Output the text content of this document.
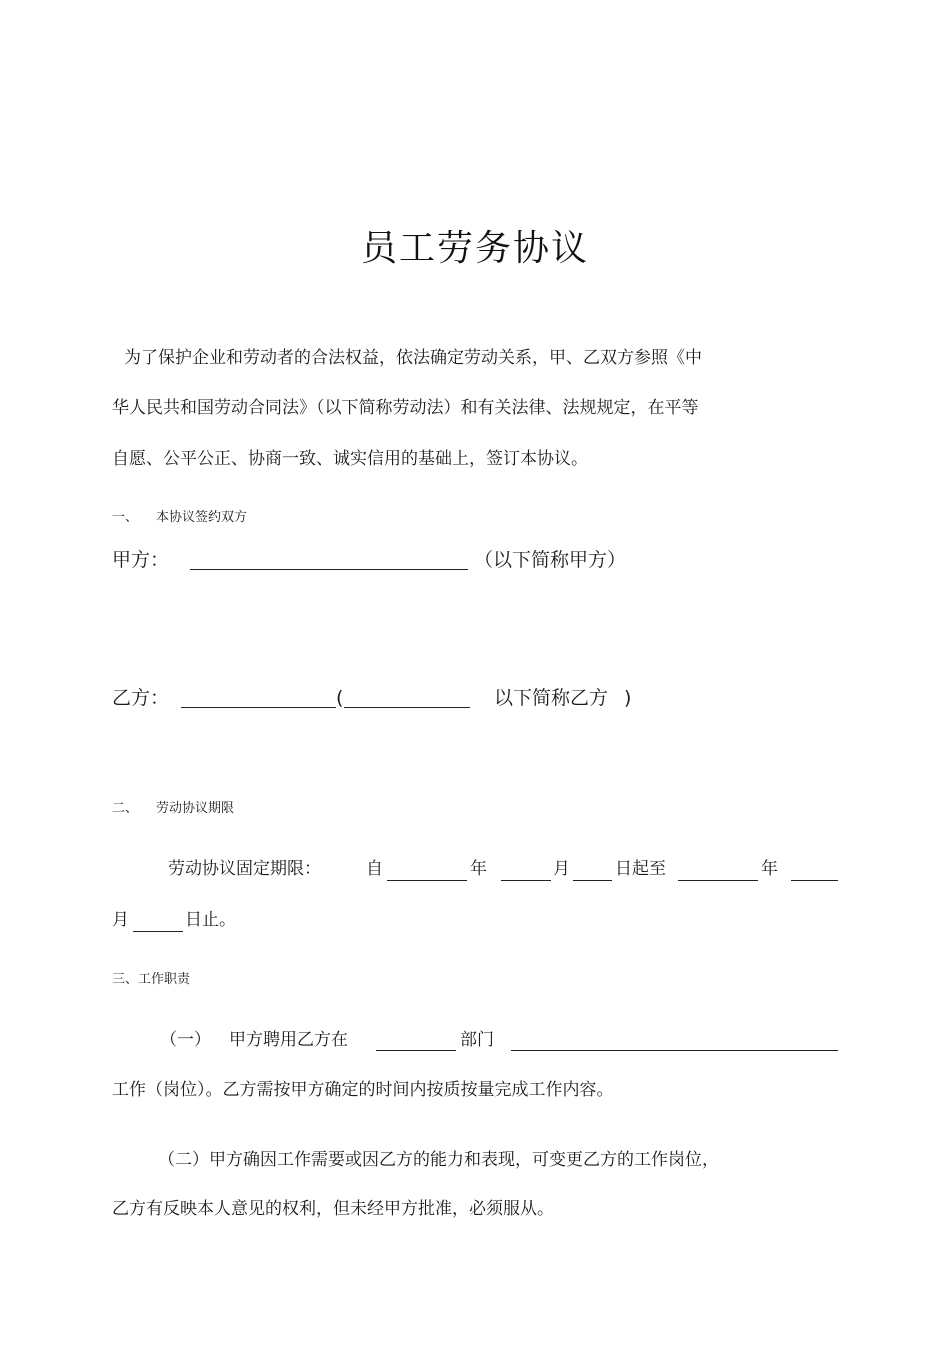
员工劳务协议
为了保护企业和劳动者的合法权益，依法确定劳动关系，甲、乙双方参照《中
华人民共和国劳动合同法》（以下简称劳动法）和有关法律、法规规定，在平等
自愿、公平公正、协商一致、诚实信用的基础上，签订本协议。
一、 本协议签约双方
甲方：	（以下简称甲方）
乙方：	(	以下简称乙方 )
二、 劳动协议期限
劳动协议固定期限：	自	年	月	日起至	年
月	日止。
三、工作职责
（一） 甲方聘用乙方在	部门
工作（岗位）。乙方需按甲方确定的时间内按质按量完成工作内容。
（二）甲方确因工作需要或因乙方的能力和表现，可变更乙方的工作岗位，
乙方有反映本人意见的权利，但未经甲方批准，必须服从。
